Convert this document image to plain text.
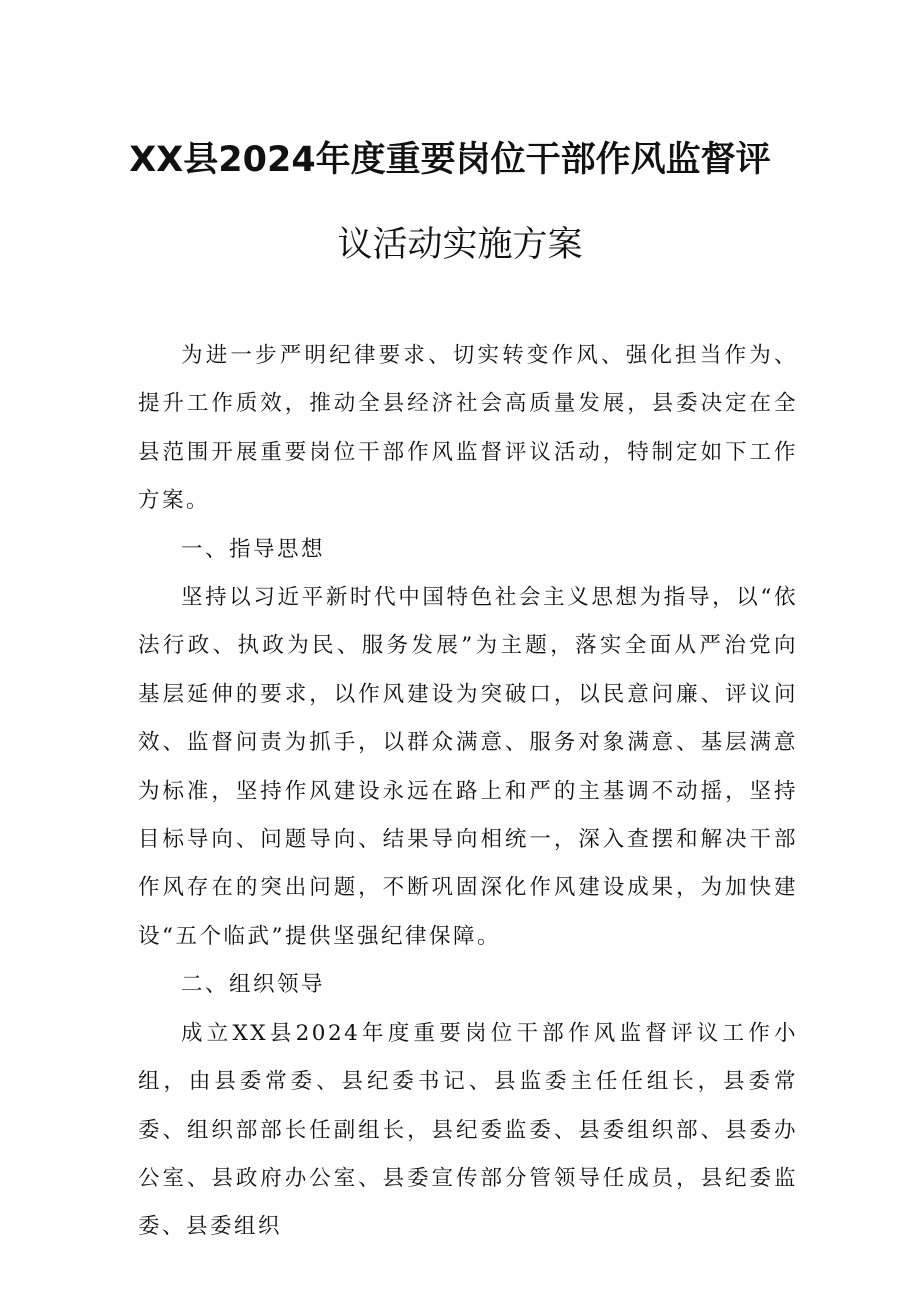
XX县2024年度重要岗位干部作风监督评
议活动实施方案

为进一步严明纪律要求、切实转变作风、强化担当作为、提升工作质效，推动全县经济社会高质量发展，县委决定在全县范围开展重要岗位干部作风监督评议活动，特制定如下工作方案。

一、指导思想

坚持以习近平新时代中国特色社会主义思想为指导，以“依法行政、执政为民、服务发展”为主题，落实全面从严治党向基层延伸的要求，以作风建设为突破口，以民意问廉、评议问效、监督问责为抓手，以群众满意、服务对象满意、基层满意为标准，坚持作风建设永远在路上和严的主基调不动摇，坚持目标导向、问题导向、结果导向相统一，深入查摆和解决干部作风存在的突出问题，不断巩固深化作风建设成果，为加快建设“五个临武”提供坚强纪律保障。

二、组织领导

成立XX县2024年度重要岗位干部作风监督评议工作小组，由县委常委、县纪委书记、县监委主任任组长，县委常委、组织部部长任副组长，县纪委监委、县委组织部、县委办公室、县政府办公室、县委宣传部分管领导任成员，县纪委监委、县委组织
